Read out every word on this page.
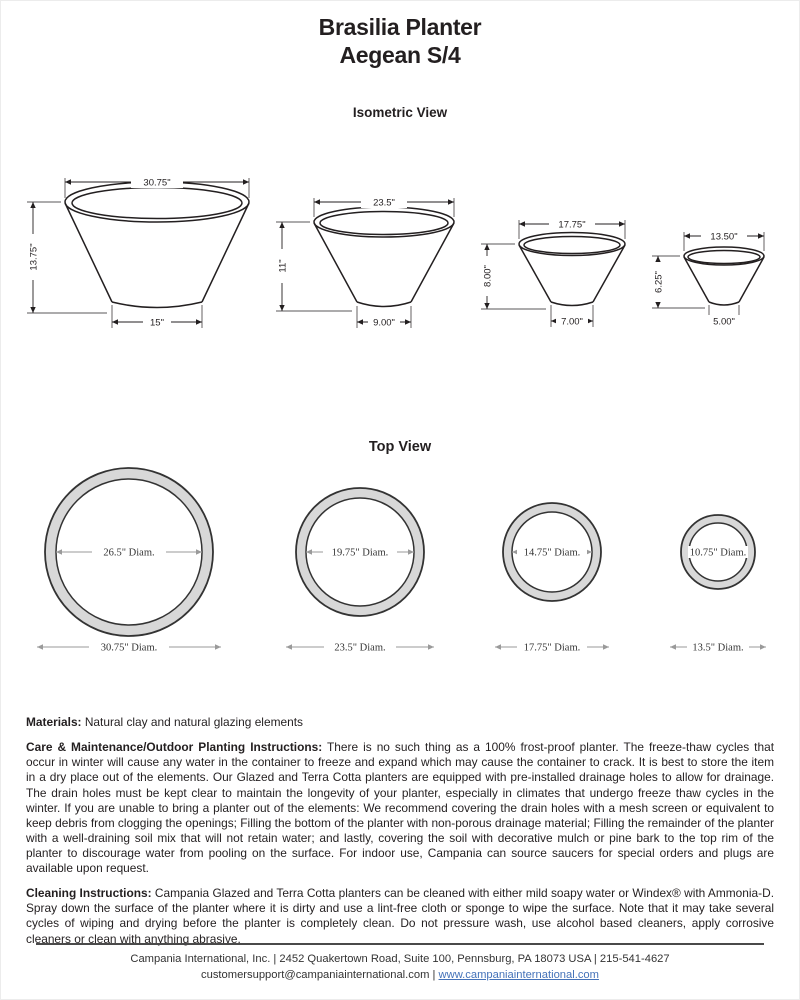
Brasilia Planter
Aegean S/4
Isometric View
30.75"
13.75"
15"
23.5"
11"
9.00"
17.75"
8.00"
7.00"
13.50"
6.25"
5.00"
Top View
26.5" Diam.
30.75" Diam.
19.75" Diam.
23.5" Diam.
14.75" Diam.
17.75" Diam.
10.75" Diam.
13.5" Diam.

Materials: Natural clay and natural glazing elements

Care & Maintenance/Outdoor Planting Instructions: There is no such thing as a 100% frost-proof planter. The freeze-thaw cycles that occur in winter will cause any water in the container to freeze and expand which may cause the container to crack. It is best to store the item in a dry place out of the elements. Our Glazed and Terra Cotta planters are equipped with pre-installed drainage holes to allow for drainage. The drain holes must be kept clear to maintain the longevity of your planter, especially in climates that undergo freeze thaw cycles in the winter. If you are unable to bring a planter out of the elements: We recommend covering the drain holes with a mesh screen or equivalent to keep debris from clogging the openings; Filling the bottom of the planter with non-porous drainage material; Filling the remainder of the planter with a well-draining soil mix that will not retain water; and lastly, covering the soil with decorative mulch or pine bark to the top rim of the planter to discourage water from pooling on the surface. For indoor use, Campania can source saucers for special orders and plugs are available upon request.

Cleaning Instructions: Campania Glazed and Terra Cotta planters can be cleaned with either mild soapy water or Windex® with Ammonia-D. Spray down the surface of the planter where it is dirty and use a lint-free cloth or sponge to wipe the surface. Note that it may take several cycles of wiping and drying before the planter is completely clean. Do not pressure wash, use alcohol based cleaners, apply corrosive cleaners or clean with anything abrasive.

Campania International, Inc. | 2452 Quakertown Road, Suite 100, Pennsburg, PA 18073 USA | 215-541-4627
customersupport@campaniainternational.com | www.campaniainternational.com
